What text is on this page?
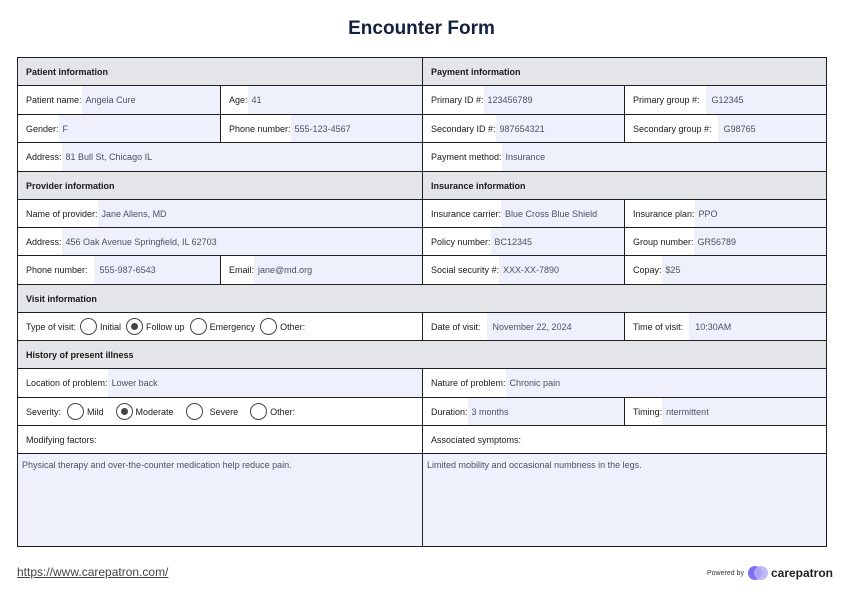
Encounter Form
Patient information	Payment information
Patient name: Angela Cure	Age: 41	Primary ID #: 123456789	Primary group #:	G12345
Gender: F	Phone number: 555-123-4567	Secondary ID #: 987654321	Secondary group #:	G98765
Address: 81 Bull St, Chicago IL	Payment method: Insurance
Provider information	Insurance information
Name of provider: Jane Allens, MD	Insurance carrier: Blue Cross Blue Shield	Insurance plan: PPO
Address: 456 Oak Avenue Springfield, IL 62703	Policy number: BC12345	Group number: GR56789
Phone number:	555-987-6543	Email: jane@md.org	Social security #: XXX-XX-7890	Copay: $25
Visit information
Type of visit:	Initial	Follow up	Emergency	Other:	Date of visit:	November 22, 2024	Time of visit:	10:30AM
History of present illness
Location of problem: Lower back	Nature of problem: Chronic pain
Severity:	Mild	Moderate	Severe	Other:	Duration: 3 months	Timing: ntermittent
Modifying factors:	Associated symptoms:
Physical therapy and over-the-counter medication help reduce pain.	Limited mobility and occasional numbness in the legs.
https://www.carepatron.com/	Powered by carepatron
